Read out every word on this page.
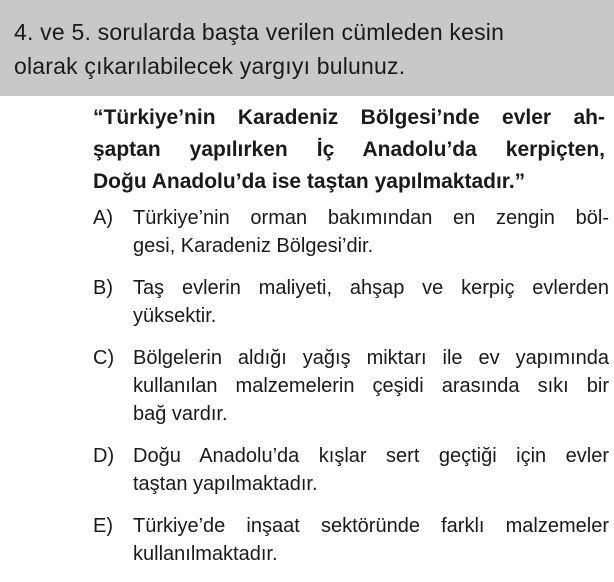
4. ve 5. sorularda başta verilen cümleden kesin
olarak çıkarılabilecek yargıyı bulunuz.
“Türkiye’nin Karadeniz Bölgesi’nde evler ah-
şaptan yapılırken İç Anadolu’da kerpiçten,
Doğu Anadolu’da ise taştan yapılmaktadır.”
A)	Türkiye’nin orman bakımından en zengin böl-
gesi, Karadeniz Bölgesi’dir.
B)	Taş evlerin maliyeti, ahşap ve kerpiç evlerden
yüksektir.
C) Bölgelerin aldığı yağış miktarı ile ev yapımında
kullanılan malzemelerin çeşidi arasında sıkı bir
bağ vardır.
D) Doğu Anadolu’da kışlar sert geçtiği için evler
taştan yapılmaktadır.
E)	Türkiye’de inşaat sektöründe farklı malzemeler
kullanılmaktadır.
